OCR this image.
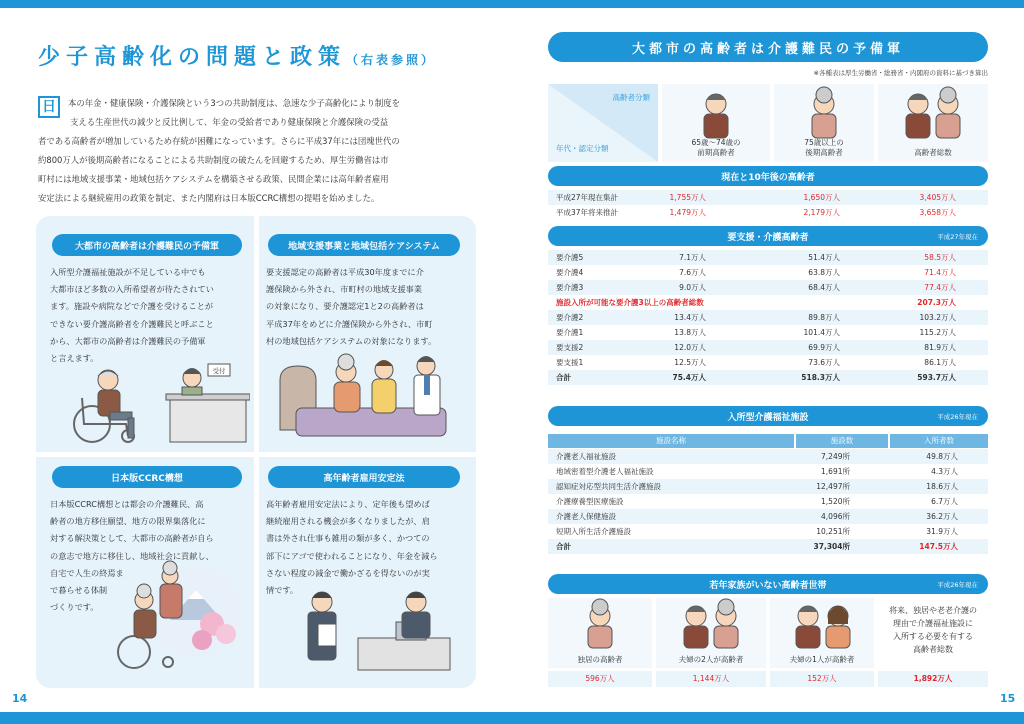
少子高齢化の問題と政策（右表参照）
日	本の年金・健康保険・介護保険という3つの共助制度は、急速な少子高齢化により制度を
支える生産世代の減少と反比例して、年金の受給者であり健康保険と介護保険の受益
者である高齢者が増加しているため存続が困難になっています。さらに平成37年には団塊世代の
約800万人が後期高齢者になることによる共助制度の破たんを回避するため、厚生労働省は市
町村には地域支援事業・地域包括ケアシステムを構築させる政策、民間企業には高年齢者雇用
安定法による継続雇用の政策を制定、また内閣府は日本版CCRC構想の提唱を始めました。
大都市の高齢者は介護難民の予備軍
入所型介護福祉施設が不足している中でも
大都市ほど多数の入所希望者が待たされてい
ます。施設や病院などで介護を受けることが
できない要介護高齢者を介護難民と呼ぶこと
から、大都市の高齢者は介護難民の予備軍
と言えます。
受付
地域支援事業と地域包括ケアシステム
要支援認定の高齢者は平成30年度までに介
護保険から外され、市町村の地域支援事業
の対象になり、要介護認定1と2の高齢者は
平成37年をめどに介護保険から外され、市町
村の地域包括ケアシステムの対象になります。
日本版CCRC構想
日本版CCRC構想とは都会の介護難民、高
齢者の地方移住願望、地方の限界集落化に
対する解決策として、大都市の高齢者が自ら
の意志で地方に移住し、地域社会に貢献し、
自宅で人生の終焉ま
で暮らせる体制
づくりです。
高年齢者雇用安定法
高年齢者雇用安定法により、定年後も望めば
継続雇用される機会が多くなりましたが、肩
書は外され仕事も雑用の類が多く、かつての
部下にアゴで使われることになり、年金を減ら
さない程度の減金で働かざるを得ないのが実
情です。
14
大都市の高齢者は介護難民の予備軍
※各種表は厚生労働省・総務省・内閣府の資料に基づき算出
高齢者分類
年代・認定分類
65歳～74歳の
前期高齢者
75歳以上の
後期高齢者	高齢者総数
現在と10年後の高齢者
平成27年現在集計	1,755万人	1,650万人	3,405万人
平成37年将来推計	1,479万人	2,179万人	3,658万人
要支援・介護高齢者	平成27年現在
要介護5	7.1万人	51.4万人	58.5万人
要介護4	7.6万人	63.8万人	71.4万人
要介護3	9.0万人	68.4万人	77.4万人
施設入所が可能な要介護3以上の高齢者総数	207.3万人
要介護2	13.4万人	89.8万人	103.2万人
要介護1	13.8万人	101.4万人	115.2万人
要支援2	12.0万人	69.9万人	81.9万人
要支援1	12.5万人	73.6万人	86.1万人
合計	75.4万人	518.3万人	593.7万人
入所型介護福祉施設	平成26年現在
施設名称	施設数	入所者数
介護老人福祉施設	7,249所	49.8万人
地域密着型介護老人福祉施設	1,691所	4.3万人
認知症対応型共同生活介護施設	12,497所	18.6万人
介護療養型医療施設	1,520所	6.7万人
介護老人保健施設	4,096所	36.2万人
短期入所生活介護施設	10,251所	31.9万人
合計	37,304所	147.5万人
若年家族がいない高齢者世帯	平成26年現在
独居の高齢者	夫婦の2人が高齢者	夫婦の1人が高齢者
将来、独居や老老介護の
理由で介護福祉施設に
入所する必要を有する
高齢者総数
596万人	1,144万人	152万人	1,892万人
15
